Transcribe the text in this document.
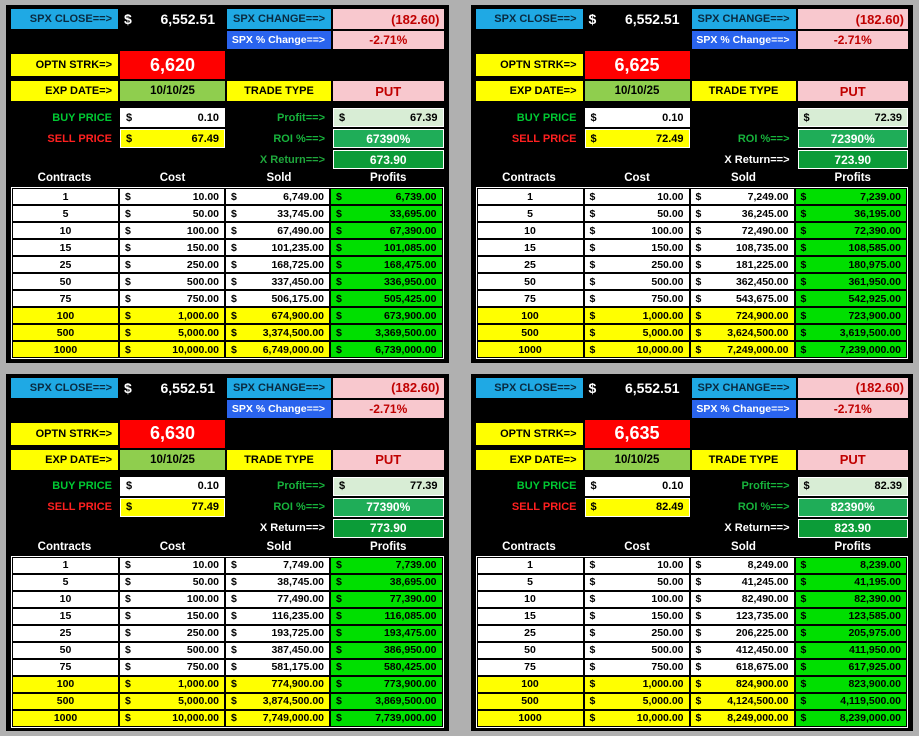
SPX CLOSE==> $ 6,552.51	SPX CHANGE==>	(182.60)
SPX % Change==>	-2.71%
OPTN STRK=>	6,620
EXP DATE=>	10/10/25	TRADE TYPE	PUT
BUY PRICE	$	0.10	Profit==>	$	67.39
SELL PRICE	$	67.49	ROI %==>	67390%
X Return==>	673.90
Contracts	Cost	Sold	Profits
1	$	10.00 $	6,749.00 $	6,739.00
5	$	50.00 $	33,745.00 $	33,695.00
10	$	100.00 $	67,490.00 $	67,390.00
15	$	150.00 $	101,235.00 $	101,085.00
25	$	250.00 $	168,725.00 $	168,475.00
50	$	500.00 $	337,450.00 $	336,950.00
75	$	750.00 $	506,175.00 $	505,425.00
100	$	1,000.00 $	674,900.00 $	673,900.00
500	$	5,000.00 $ 3,374,500.00 $	3,369,500.00
1000	$	10,000.00 $ 6,749,000.00 $	6,739,000.00
SPX CLOSE==> $ 6,552.51	SPX CHANGE==>	(182.60)
SPX % Change==>	-2.71%
OPTN STRK=>	6,625
EXP DATE=>	10/10/25	TRADE TYPE	PUT
BUY PRICE	$	0.10	$	72.39
SELL PRICE	$	72.49	ROI %==>	72390%
X Return==>	723.90
Contracts	Cost	Sold	Profits
1	$	10.00 $	7,249.00 $	7,239.00
5	$	50.00 $	36,245.00 $	36,195.00
10	$	100.00 $	72,490.00 $	72,390.00
15	$	150.00 $	108,735.00 $	108,585.00
25	$	250.00 $	181,225.00 $	180,975.00
50	$	500.00 $	362,450.00 $	361,950.00
75	$	750.00 $	543,675.00 $	542,925.00
100	$	1,000.00 $	724,900.00 $	723,900.00
500	$	5,000.00 $ 3,624,500.00 $	3,619,500.00
1000	$	10,000.00 $ 7,249,000.00 $	7,239,000.00
SPX CLOSE==> $ 6,552.51	SPX CHANGE==>	(182.60)
SPX % Change==>	-2.71%
OPTN STRK=>	6,630
EXP DATE=>	10/10/25	TRADE TYPE	PUT
BUY PRICE	$	0.10	Profit==>	$	77.39
SELL PRICE	$	77.49	ROI %==>	77390%
X Return==>	773.90
Contracts	Cost	Sold	Profits
1	$	10.00 $	7,749.00 $	7,739.00
5	$	50.00 $	38,745.00 $	38,695.00
10	$	100.00 $	77,490.00 $	77,390.00
15	$	150.00 $	116,235.00 $	116,085.00
25	$	250.00 $	193,725.00 $	193,475.00
50	$	500.00 $	387,450.00 $	386,950.00
75	$	750.00 $	581,175.00 $	580,425.00
100	$	1,000.00 $	774,900.00 $	773,900.00
500	$	5,000.00 $ 3,874,500.00 $	3,869,500.00
1000	$	10,000.00 $ 7,749,000.00 $	7,739,000.00
SPX CLOSE==> $ 6,552.51	SPX CHANGE==>	(182.60)
SPX % Change==>	-2.71%
OPTN STRK=>	6,635
EXP DATE=>	10/10/25	TRADE TYPE	PUT
BUY PRICE	$	0.10	Profit==>	$	82.39
SELL PRICE	$	82.49	ROI %==>	82390%
X Return==>	823.90
Contracts	Cost	Sold	Profits
1	$	10.00 $	8,249.00 $	8,239.00
5	$	50.00 $	41,245.00 $	41,195.00
10	$	100.00 $	82,490.00 $	82,390.00
15	$	150.00 $	123,735.00 $	123,585.00
25	$	250.00 $	206,225.00 $	205,975.00
50	$	500.00 $	412,450.00 $	411,950.00
75	$	750.00 $	618,675.00 $	617,925.00
100	$	1,000.00 $	824,900.00 $	823,900.00
500	$	5,000.00 $ 4,124,500.00 $	4,119,500.00
1000	$	10,000.00 $ 8,249,000.00 $	8,239,000.00
